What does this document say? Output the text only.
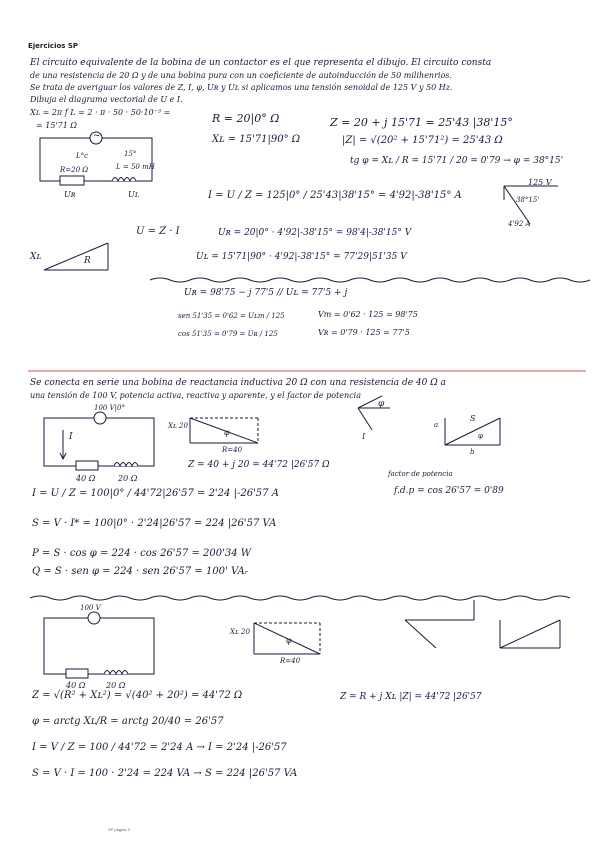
Ejercicios SP
SP página 3
El circuito equivalente de la bobina de un contactor es el que representa el dibujo. El circuito consta
de una resistencia de 20 Ω y de una bobina pura con un coeficiente de autoinducción de 50 milihenrios.
Se trata de averiguar los valores de Z, I, φ, Uʀ y Uʟ si aplicamos una tensión senoidal de 125 V y 50 Hz.
Dibuja el diagrama vectorial de U e I.
Xʟ = 2π f L = 2 · π · 50 · 50·10⁻³ =
= 15'71 Ω
~
L°c	15°
R=20 Ω	L = 50 mH
Uʀ	Uʟ
Xʟ	R
R = 20|0° Ω
Xʟ = 15'71|90° Ω
Z = 20 + j 15'71 = 25'43 |38'15°
|Z| = √(20² + 15'71²) = 25'43 Ω
tg φ = Xʟ / R = 15'71 / 20 = 0'79 → φ = 38°15'
I = U / Z = 125|0° / 25'43|38'15° = 4'92|-38'15° A
125 V
38°15'
4'92 A
U = Z · I	Uʀ = 20|0° · 4'92|-38'15° = 98'4|-38'15° V
Uʟ = 15'71|90° · 4'92|-38'15° = 77'29|51'35 V
Uʀ = 98'75 − j 77'5 // Uʟ = 77'5 + j
sen 51'35 = 0'62 = Uʟm / 125
cos 51'35 = 0'79 = Uʀ / 125
Vm = 0'62 · 125 = 98'75
Vʀ = 0'79 · 125 = 77'5
Se conecta en serie una bobina de reactancia inductiva 20 Ω con una resistencia de 40 Ω a
una tensión de 100 V, potencia activa, reactiva y aparente, y el factor de potencia
100 V|0°
I
40 Ω	20 Ω
Xʟ 20
φ
R=40
φ
I
a
S
φ
b
Z = 40 + j 20 = 44'72 |26'57 Ω
factor de potencia
f.d.p = cos 26'57 = 0'89
I = U / Z = 100|0° / 44'72|26'57 = 2'24 |-26'57 A
S = V · I* = 100|0° · 2'24|26'57 = 224 |26'57 VA
P = S · cos φ = 224 · cos 26'57 = 200'34 W
Q = S · sen φ = 224 · sen 26'57 = 100' VAᵣ
100 V
40 Ω	20 Ω
Xʟ 20
φ
R=40
Z = √(R² + Xʟ²) = √(40² + 20²) = 44'72 Ω	Z = R + j Xʟ |Z| = 44'72 |26'57
φ = arctg Xʟ/R = arctg 20/40 = 26'57
I = V / Z = 100 / 44'72 = 2'24 A → I = 2'24 |-26'57
S = V · I = 100 · 2'24 = 224 VA → S = 224 |26'57 VA
